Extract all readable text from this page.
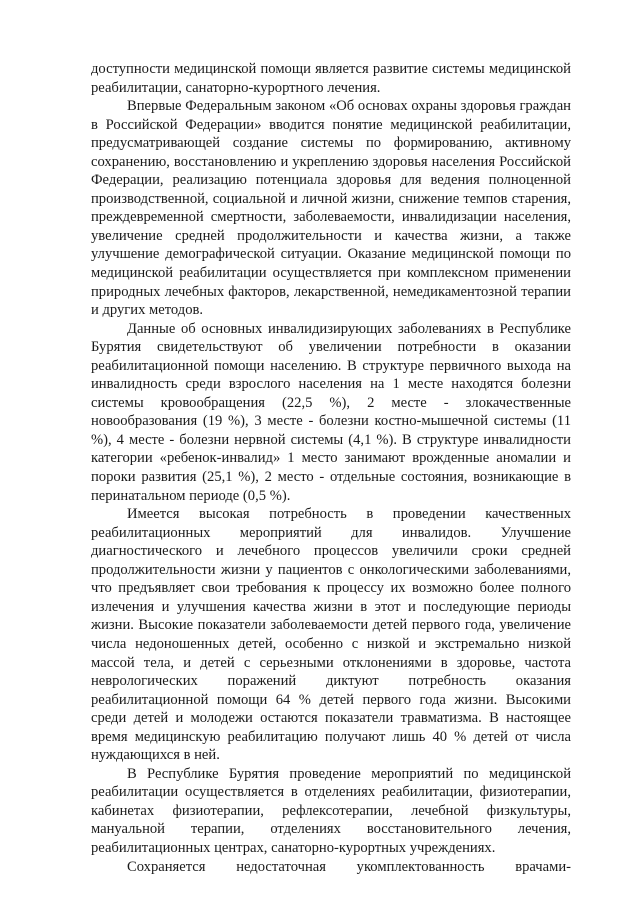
доступности медицинской помощи является развитие системы медицинской реабилитации, санаторно-курортного лечения.

Впервые Федеральным законом «Об основах охраны здоровья граждан в Российской Федерации» вводится понятие медицинской реабилитации, предусматривающей создание системы по формированию, активному сохранению, восстановлению и укреплению здоровья населения Российской Федерации, реализацию потенциала здоровья для ведения полноценной производственной, социальной и личной жизни, снижение темпов старения, преждевременной смертности, заболеваемости, инвалидизации населения, увеличение средней продолжительности и качества жизни, а также улучшение демографической ситуации. Оказание медицинской помощи по медицинской реабилитации осуществляется при комплексном применении природных лечебных факторов, лекарственной, немедикаментозной терапии и других методов.

Данные об основных инвалидизирующих заболеваниях в Республике Бурятия свидетельствуют об увеличении потребности в оказании реабилитационной помощи населению. В структуре первичного выхода на инвалидность среди взрослого населения на 1 месте находятся болезни системы кровообращения (22,5 %), 2 месте - злокачественные новообразования (19 %), 3 месте - болезни костно-мышечной системы (11 %), 4 месте - болезни нервной системы (4,1 %). В структуре инвалидности категории «ребенок-инвалид» 1 место занимают врожденные аномалии и пороки развития (25,1 %), 2 место - отдельные состояния, возникающие в перинатальном периоде (0,5 %).

Имеется высокая потребность в проведении качественных реабилитационных мероприятий для инвалидов. Улучшение диагностического и лечебного процессов увеличили сроки средней продолжительности жизни у пациентов с онкологическими заболеваниями, что предъявляет свои требования к процессу их возможно более полного излечения и улучшения качества жизни в этот и последующие периоды жизни. Высокие показатели заболеваемости детей первого года, увеличение числа недоношенных детей, особенно с низкой и экстремально низкой массой тела, и детей с серьезными отклонениями в здоровье, частота неврологических поражений диктуют потребность оказания реабилитационной помощи 64 % детей первого года жизни. Высокими среди детей и молодежи остаются показатели травматизма. В настоящее время медицинскую реабилитацию получают лишь 40 % детей от числа нуждающихся в ней.

В Республике Бурятия проведение мероприятий по медицинской реабилитации осуществляется в отделениях реабилитации, физиотерапии, кабинетах физиотерапии, рефлексотерапии, лечебной физкультуры, мануальной терапии, отделениях восстановительного лечения, реабилитационных центрах, санаторно-курортных учреждениях.

Сохраняется недостаточная укомплектованность врачами-
